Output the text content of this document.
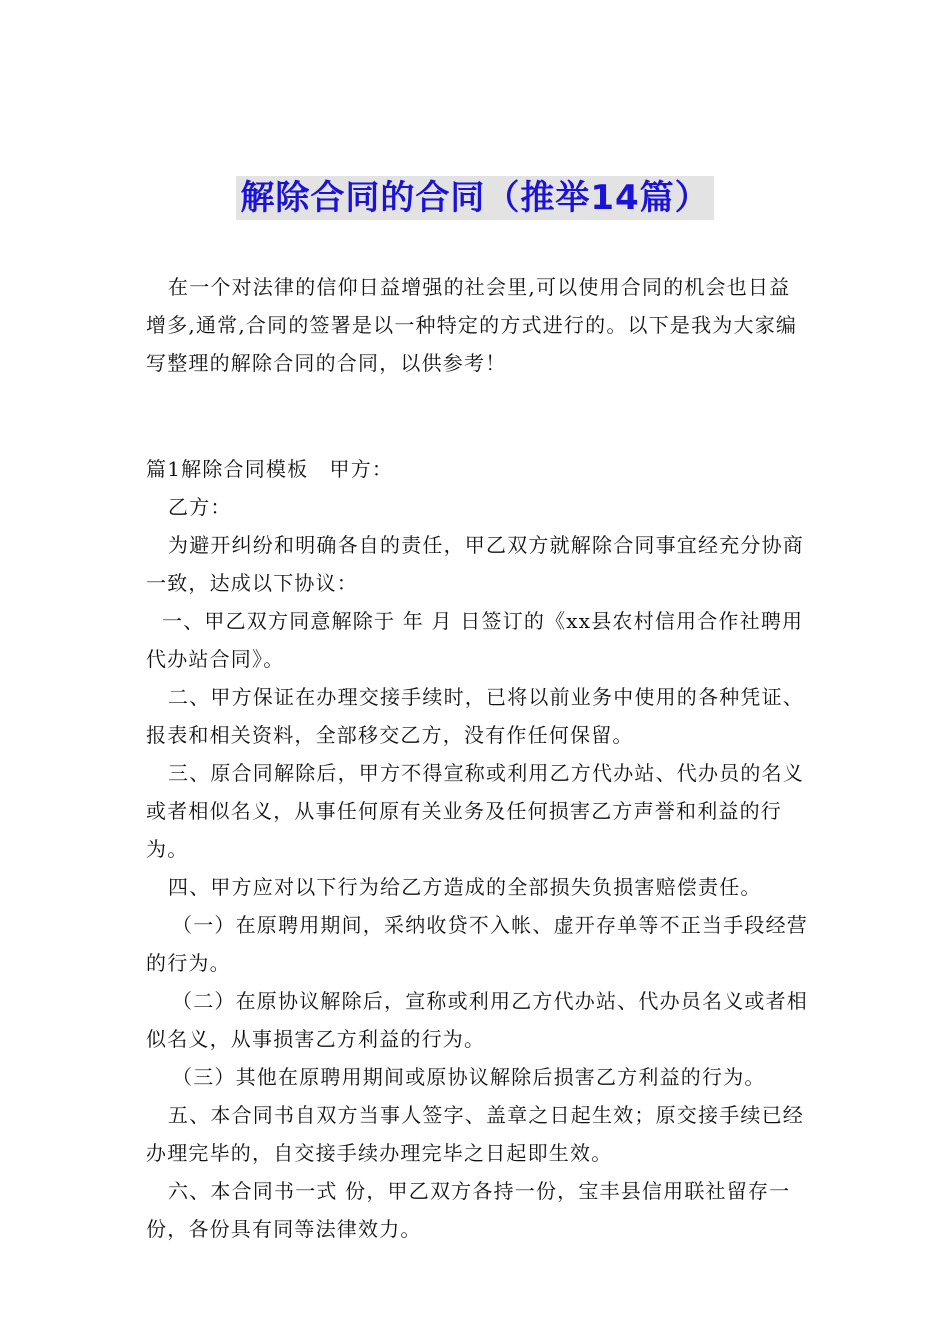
解除合同的合同（推举14篇）

在一个对法律的信仰日益增强的社会里,可以使用合同的机会也日益增多,通常,合同的签署是以一种特定的方式进行的。以下是我为大家编写整理的解除合同的合同，以供参考！

篇1解除合同模板　甲方：

乙方：

为避开纠纷和明确各自的责任，甲乙双方就解除合同事宜经充分协商一致，达成以下协议：

一、甲乙双方同意解除于 年 月 日签订的《xx县农村信用合作社聘用代办站合同》。

二、甲方保证在办理交接手续时，已将以前业务中使用的各种凭证、报表和相关资料，全部移交乙方，没有作任何保留。

三、原合同解除后，甲方不得宣称或利用乙方代办站、代办员的名义或者相似名义，从事任何原有关业务及任何损害乙方声誉和利益的行为。

四、甲方应对以下行为给乙方造成的全部损失负损害赔偿责任。

（一）在原聘用期间，采纳收贷不入帐、虚开存单等不正当手段经营的行为。

（二）在原协议解除后，宣称或利用乙方代办站、代办员名义或者相似名义，从事损害乙方利益的行为。

（三）其他在原聘用期间或原协议解除后损害乙方利益的行为。

五、本合同书自双方当事人签字、盖章之日起生效；原交接手续已经办理完毕的，自交接手续办理完毕之日起即生效。

六、本合同书一式 份，甲乙双方各持一份，宝丰县信用联社留存一份，各份具有同等法律效力。
